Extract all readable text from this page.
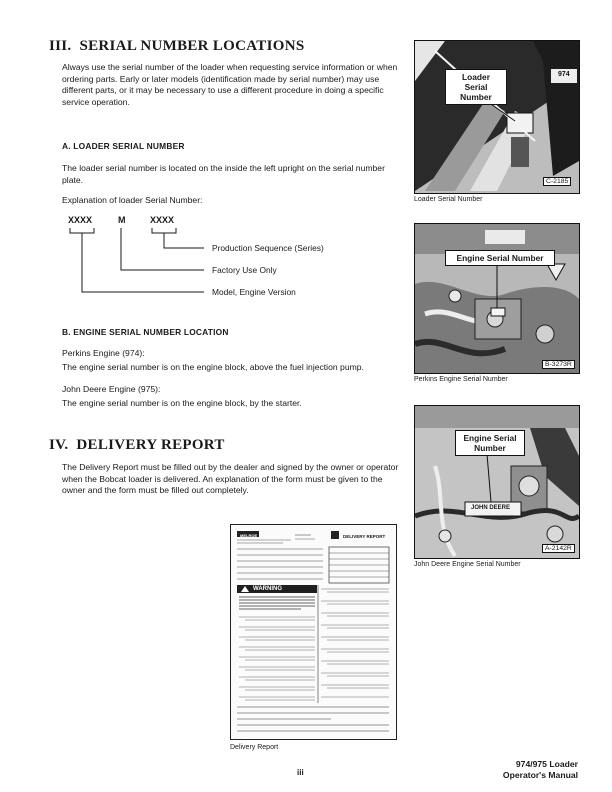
III. SERIAL NUMBER LOCATIONS
Always use the serial number of the loader when requesting service information or when ordering parts. Early or later models (identification made by serial number) may use different parts, or it may be necessary to use a different procedure in doing a specific service operation.
A. LOADER SERIAL NUMBER
The loader serial number is located on the inside the left upright on the serial number plate.
Explanation of loader Serial Number:
XXXX	M	XXXX
Production Sequence (Series)
Factory Use Only
Model, Engine Version
B. ENGINE SERIAL NUMBER LOCATION
Perkins Engine (974):
The engine serial number is on the engine block, above the fuel injection pump.
John Deere Engine (975):
The engine serial number is on the engine block, by the starter.
IV. DELIVERY REPORT
The Delivery Report must be filled out by the dealer and signed by the owner or operator when the Bobcat loader is delivered. An explanation of the form must be given to the owner and the form must be filled out completely.
Loader Serial
Number
974
C-2185
Loader Serial Number
Engine Serial Number
B-3273R
Perkins Engine Serial Number
Engine Serial
Number
JOHN DEERE
A-2142R
John Deere Engine Serial Number
MELROE	DELIVERY REPORT
WARNING
Delivery Report
iii
974/975 Loader
Operator's Manual
